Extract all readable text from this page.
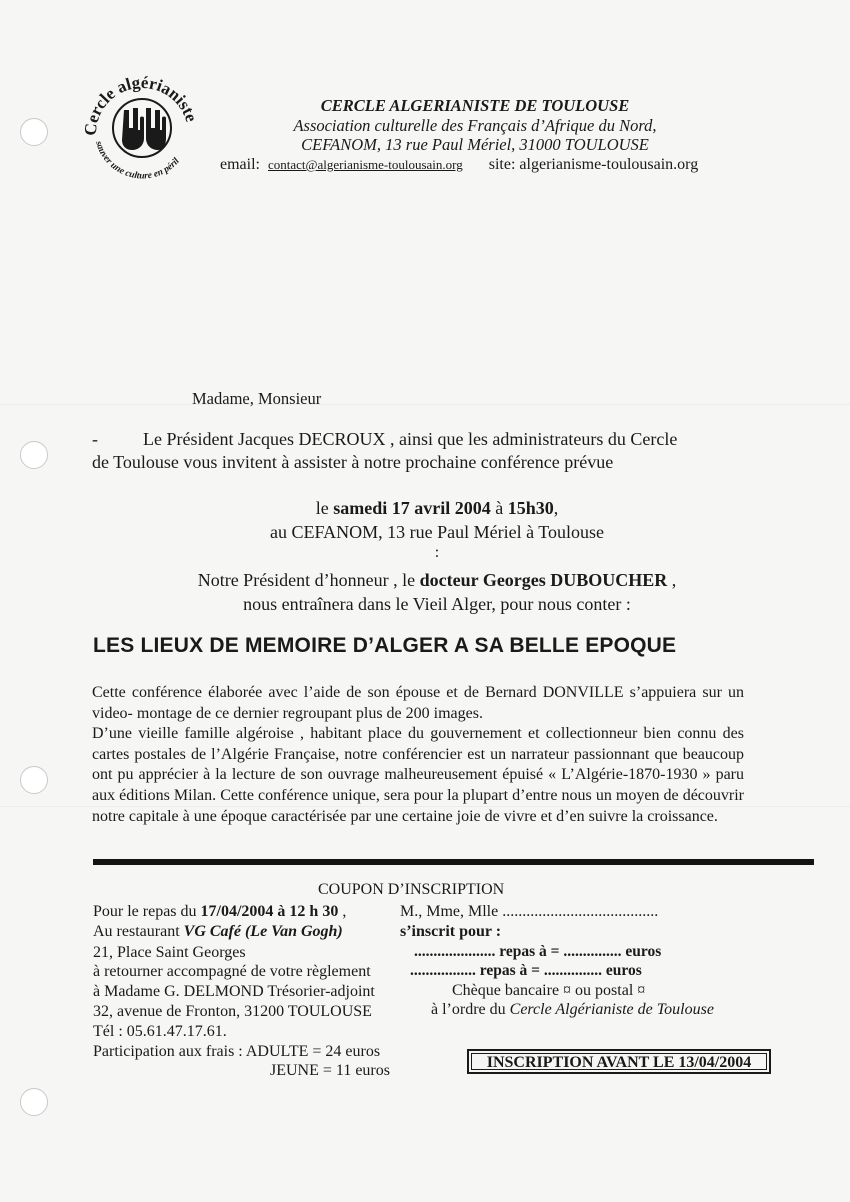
Cercle algérianiste
sauver une culture en péril
CERCLE ALGERIANISTE DE TOULOUSE
Association culturelle des Français d’Afrique du Nord,
CEFANOM, 13 rue Paul Mériel, 31000 TOULOUSE
email: contact@algerianisme-toulousain.org site: algerianisme-toulousain.org
Madame, Monsieur
-	Le Président Jacques DECROUX , ainsi que les administrateurs du Cercle
de Toulouse vous invitent à assister à notre prochaine conférence prévue
le samedi 17 avril 2004 à 15h30,
au CEFANOM, 13 rue Paul Mériel à Toulouse
:
Notre Président d’honneur , le docteur Georges DUBOUCHER ,
nous entraînera dans le Vieil Alger, pour nous conter :
LES LIEUX DE MEMOIRE D’ALGER A SA BELLE EPOQUE

Cette conférence élaborée avec l’aide de son épouse et de Bernard DONVILLE s’appuiera sur un video- montage de ce dernier regroupant plus de 200 images.

D’une vieille famille algéroise , habitant place du gouvernement et collectionneur bien connu des cartes postales de l’Algérie Française, notre conférencier est un narrateur passionnant que beaucoup ont pu apprécier à la lecture de son ouvrage malheureusement épuisé « L’Algérie-1870-1930 » paru aux éditions Milan. Cette conférence unique, sera pour la plupart d’entre nous un moyen de découvrir notre capitale à une époque caractérisée par une certaine joie de vivre et d’en suivre la croissance.

COUPON D’INSCRIPTION
Pour le repas du 17/04/2004 à 12 h 30 ,
Au restaurant VG Café (Le Van Gogh)
21, Place Saint Georges
à retourner accompagné de votre règlement
à Madame G. DELMOND Trésorier-adjoint
32, avenue de Fronton, 31200 TOULOUSE
Tél : 05.61.47.17.61.
Participation aux frais : ADULTE = 24 euros
JEUNE = 11 euros
M., Mme, Mlle .......................................
s’inscrit pour :
..................... repas à = ............... euros
................. repas à = ............... euros
Chèque bancaire ¤ ou postal ¤
à l’ordre du Cercle Algérianiste de Toulouse
INSCRIPTION AVANT LE 13/04/2004
